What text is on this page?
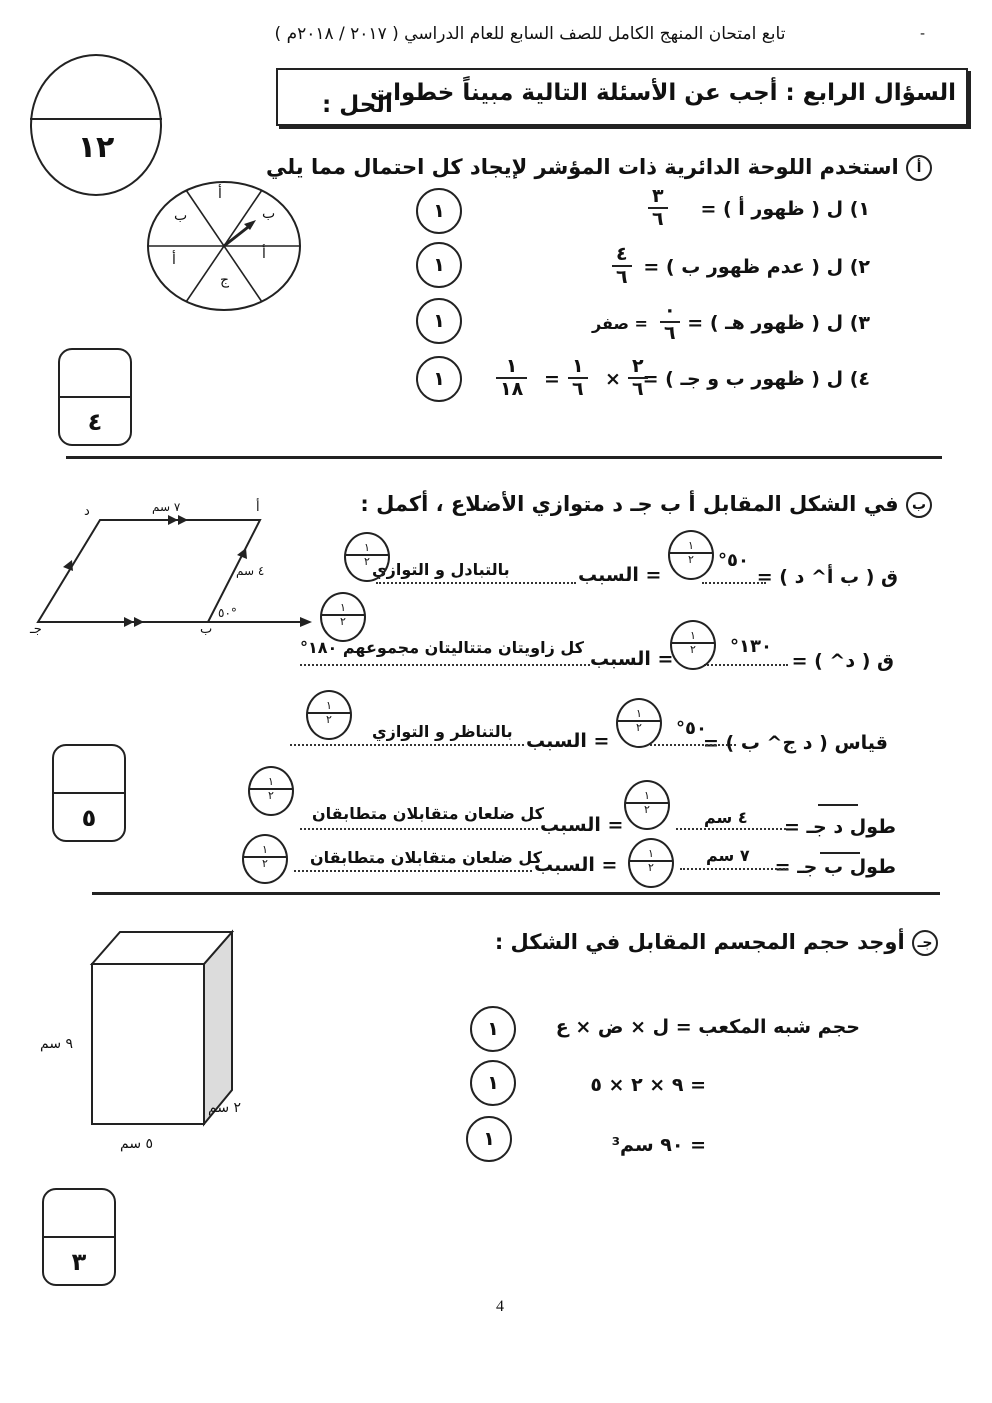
تابع امتحان المنهج الكامل للصف السابع للعام الدراسي ( ٢٠١٧ / ٢٠١٨م )	-
السؤال الرابع : أجب عن الأسئلة التالية مبيناً خطوات
الحل :
١٢
أ استخدم اللوحة الدائرية ذات المؤشر لإيجاد كل احتمال مما يلي
أ
ب
أ
ج
أ
ب	١) ل ( ظهور أ ) =
$\frac{٣}{٦}$
١
٢) ل ( عدم ظهور ب ) =
$\frac{٤}{٦}$
١
٣) ل ( ظهور هـ ) =
$\frac{٠}{٦}$
= صفر
١
٤) ل ( ظهور ب و جـ ) =
$\frac{٢}{٦}$
×
$\frac{١}{٦}$
=
$\frac{١}{١٨}$
١
٤
ب في الشكل المقابل أ ب جـ د متوازي الأضلاع ، أكمل :
٧ سم
د	أ
٤ سم
٥٠°
ب
جـ
ق ( ب أ^ د ) =
٥٠°
$\frac{١}{٢}$
= السبب
بالتبادل و التوازي
$\frac{١}{٢}$
ق ( د^ ) =
١٣٠°
$\frac{١}{٢}$
= السبب
كل زاويتان متتاليتان مجموعهم ١٨٠°
$\frac{١}{٢}$
قياس ( د ج^ ب ) =
٥٠°
$\frac{١}{٢}$
= السبب
بالتناظر و التوازي
$\frac{١}{٢}$
طول د جـ =
٤ سم
$\frac{١}{٢}$
= السبب
كل ضلعان متقابلان متطابقان
$\frac{١}{٢}$
طول ب جـ =
٧ سم
$\frac{١}{٢}$
= السبب
كل ضلعان متقابلان متطابقان
$\frac{١}{٢}$
٥
جـ أوجد حجم المجسم المقابل في الشكل :
٩ سم
٢ سم
٥ سم
حجم شبه المكعب = ل × ض × ع
١
= ٩ × ٢ × ٥
١
= ٩٠ سم³
١
٣
4
